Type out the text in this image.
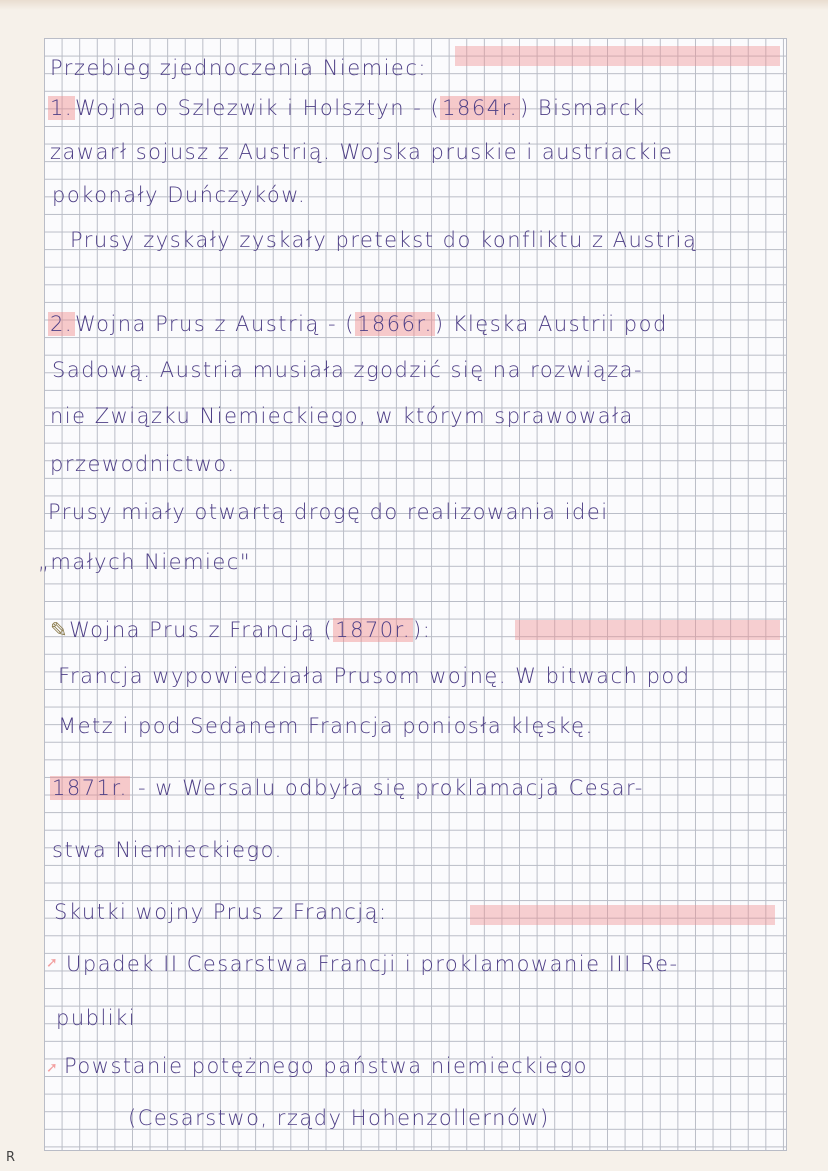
Przebieg zjednoczenia Niemiec:
1.Wojna o Szlezwik i Holsztyn - (1864r.) Bismarck
zawarł sojusz z Austrią. Wojska pruskie i austriackie
pokonały Duńczyków.
Prusy zyskały zyskały pretekst do konfliktu z Austrią
2.Wojna Prus z Austrią - (1866r.) Klęska Austrii pod
Sadową. Austria musiała zgodzić się na rozwiąza-
nie Związku Niemieckiego, w którym sprawowała
przewodnictwo.
Prusy miały otwartą drogę do realizowania idei
„małych Niemiec"
✎Wojna Prus z Francją (1870r.):
Francja wypowiedziała Prusom wojnę. W bitwach pod
Metz i pod Sedanem Francja poniosła klęskę.
1871r. - w Wersalu odbyła się proklamacja Cesar-
stwa Niemieckiego.
Skutki wojny Prus z Francją:
➚ Upadek II Cesarstwa Francji i proklamowanie III Re-
publiki
➚ Powstanie potężnego państwa niemieckiego
(Cesarstwo, rządy Hohenzollernów)
R
